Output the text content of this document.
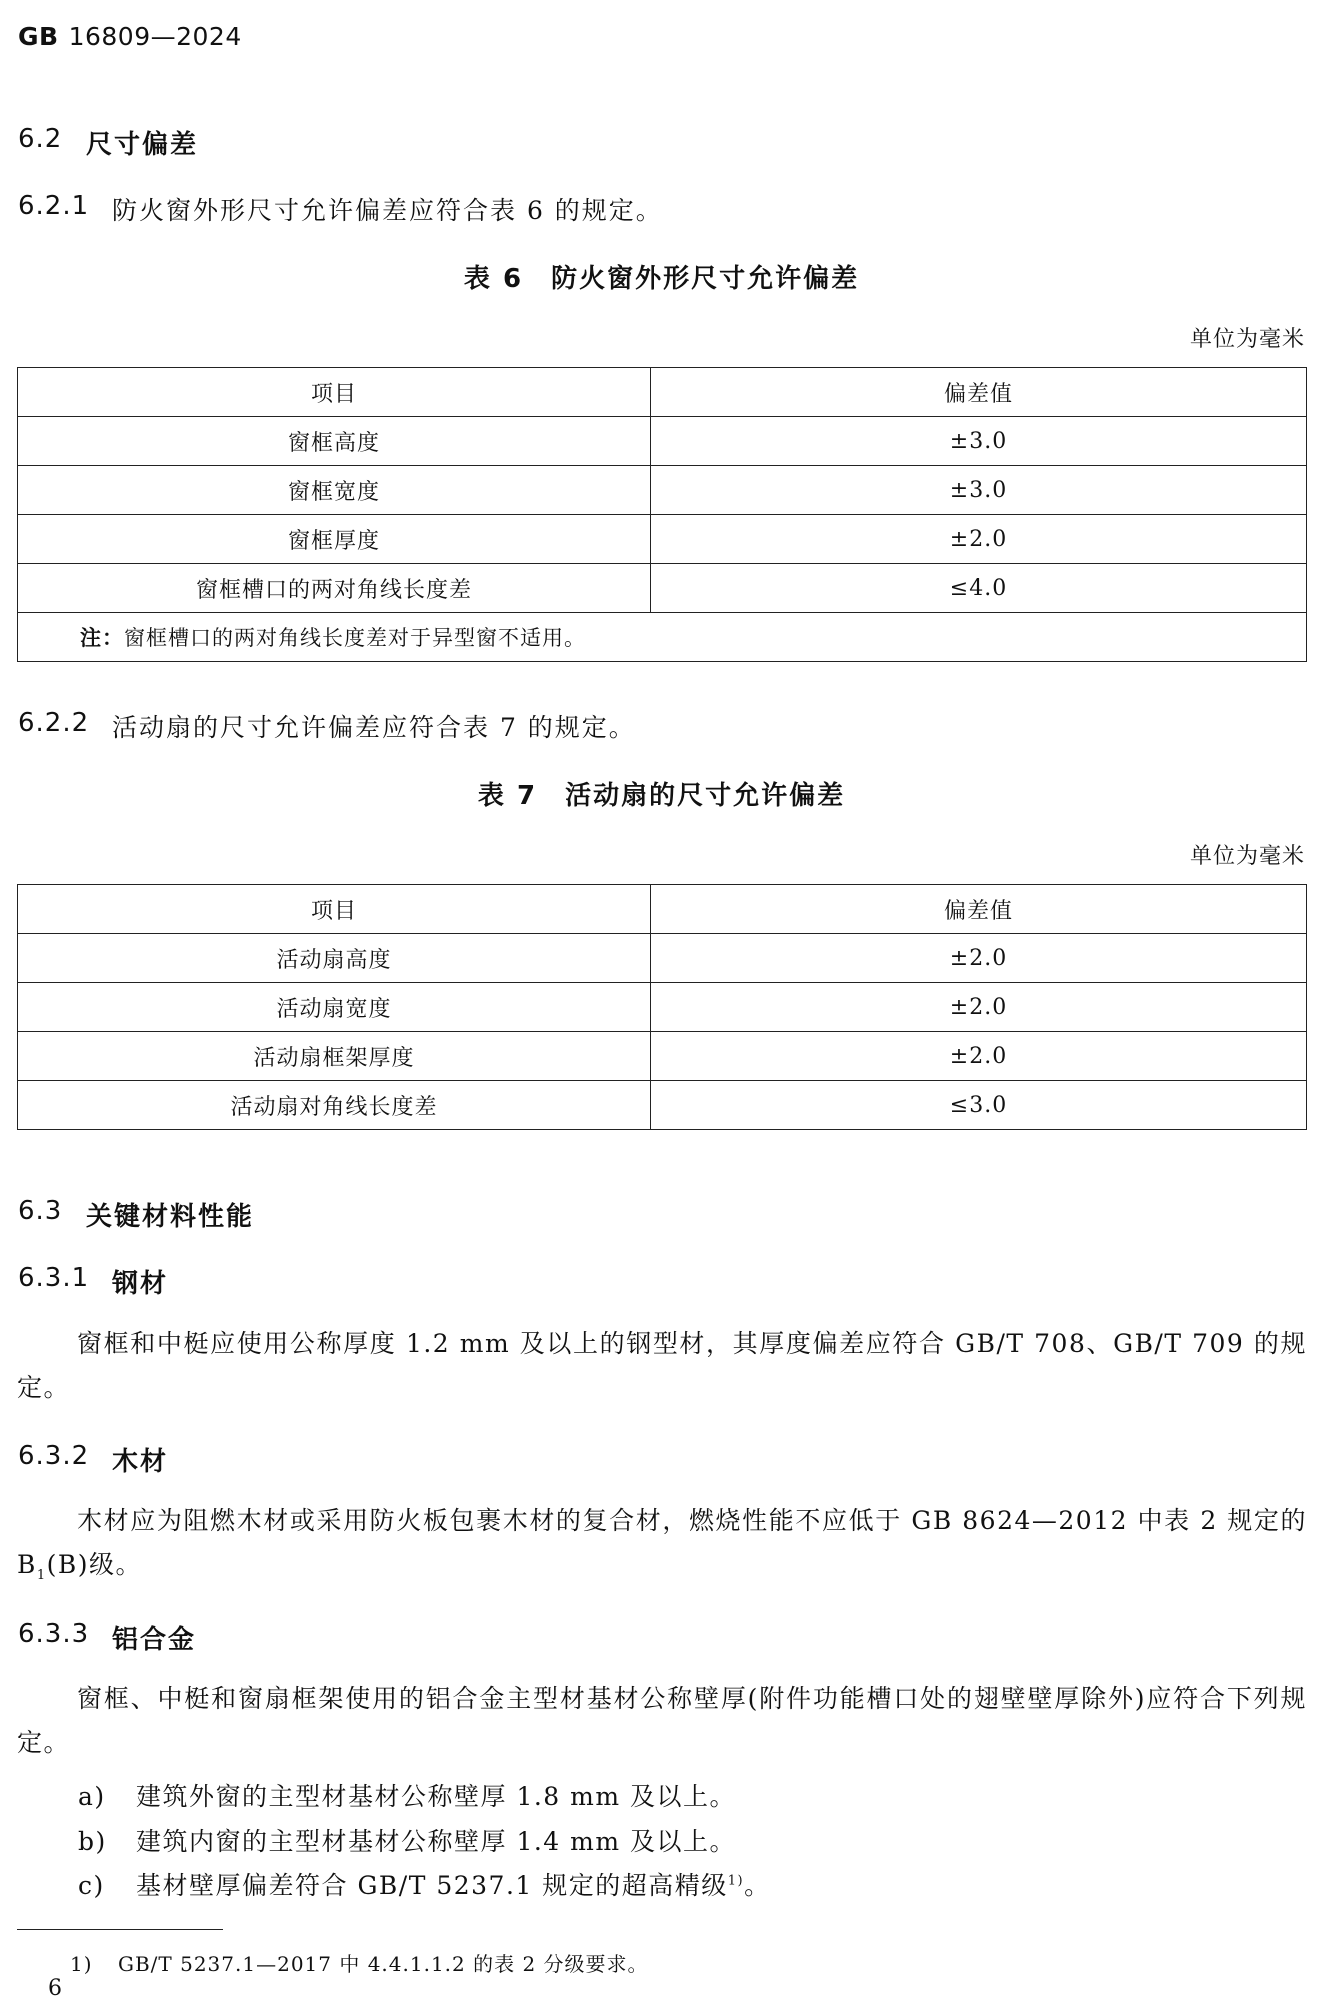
GB 16809—2024
6.2 尺寸偏差
6.2.1 防火窗外形尺寸允许偏差应符合表 6 的规定。
表 6　防火窗外形尺寸允许偏差
单位为毫米
项目	偏差值
窗框高度	±3.0
窗框宽度	±3.0
窗框厚度	±2.0
窗框槽口的两对角线长度差	≤4.0
注：窗框槽口的两对角线长度差对于异型窗不适用。	
6.2.2 活动扇的尺寸允许偏差应符合表 7 的规定。
表 7　活动扇的尺寸允许偏差
单位为毫米
项目	偏差值
活动扇高度	±2.0
活动扇宽度	±2.0
活动扇框架厚度	±2.0
活动扇对角线长度差	≤3.0
6.3 关键材料性能
6.3.1 钢材
窗框和中梃应使用公称厚度 1.2 mm 及以上的钢型材，其厚度偏差应符合 GB/T 708、GB/T 709 的规定。
6.3.2 木材
木材应为阻燃木材或采用防火板包裹木材的复合材，燃烧性能不应低于 GB 8624—2012 中表 2 规定的 $B_1(B)$级。
6.3.3 铝合金
窗框、中梃和窗扇框架使用的铝合金主型材基材公称壁厚(附件功能槽口处的翅壁壁厚除外)应符合下列规定。
a) 建筑外窗的主型材基材公称壁厚 1.8 mm 及以上。
b) 建筑内窗的主型材基材公称壁厚 1.4 mm 及以上。
c) 基材壁厚偏差符合 GB/T 5237.1 规定的超高精级$^{1)}$。
1) GB/T 5237.1—2017 中 4.4.1.1.2 的表 2 分级要求。
6
